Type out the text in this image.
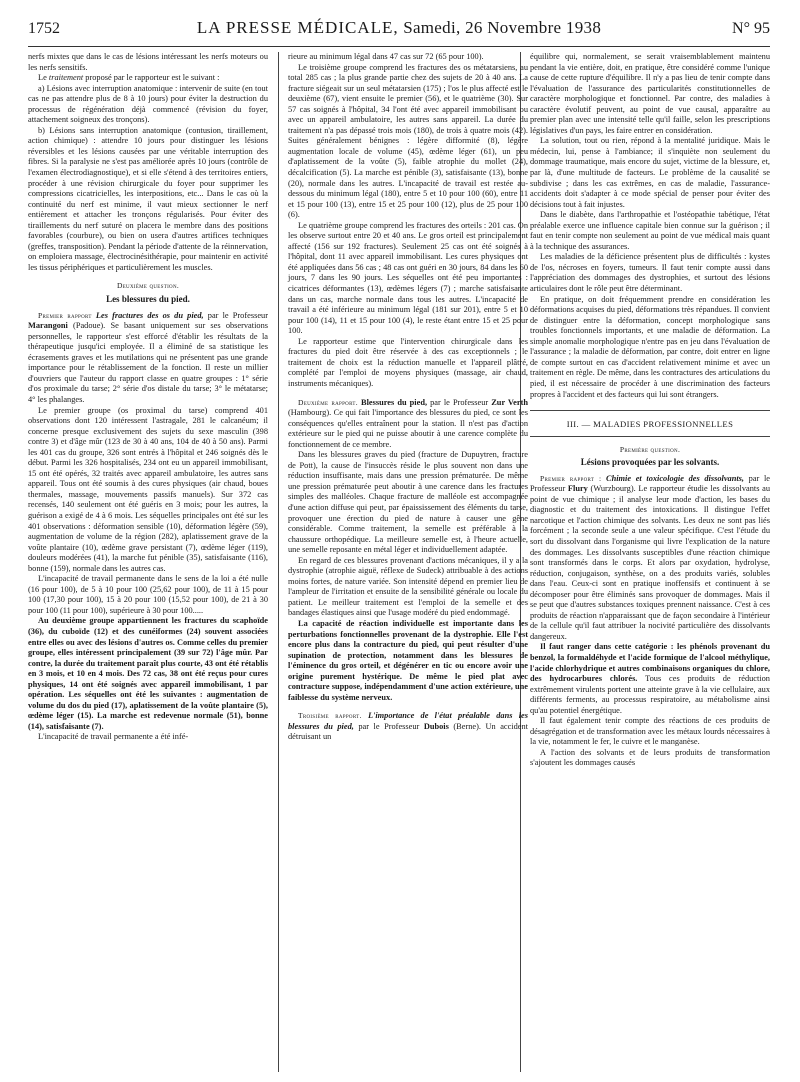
1752	LA PRESSE MÉDICALE, Samedi, 26 Novembre 1938	N° 95

nerfs mixtes que dans le cas de lésions intéressant les nerfs moteurs ou les nerfs sensitifs.

Le traitement proposé par le rapporteur est le suivant :

a) Lésions avec interruption anatomique : intervenir de suite (en tout cas ne pas attendre plus de 8 à 10 jours) pour éviter la destruction du processus de régénération déjà commencé (révision du foyer, attachement soigneux des tronçons).

b) Lésions sans interruption anatomique (contusion, tiraillement, action chimique) : attendre 10 jours pour distinguer les lésions réversibles et les lésions causées par une véritable interruption des fibres. Si la paralysie ne s'est pas améliorée après 10 jours (contrôle de l'examen électrodiagnostique), et si elle s'étend à des territoires entiers, procéder à une révision chirurgicale du foyer pour supprimer les compressions cicatricielles, les interpositions, etc... Dans le cas où la continuité du nerf est minime, il vaut mieux sectionner le nerf entièrement et attacher les tronçons régularisés. Pour éviter des tiraillements du nerf suturé on placera le membre dans des positions favorables (courbure), ou bien on usera d'autres artifices techniques (greffes, transposition). Pendant la période d'attente de la réinnervation, on emploiera massage, électrocinésithérapie, pour maintenir en activité les tissus périphériques et particulièrement les muscles.

Deuxième question.

Les blessures du pied.

Premier rapport Les fractures des os du pied, par le Professeur Marangoni (Padoue). Se basant uniquement sur ses observations personnelles, le rapporteur s'est efforcé d'établir les résultats de la thérapeutique jusqu'ici employée. Il a éliminé de sa statistique les écrasements graves et les mutilations qui ne présentent pas une grande importance pour le rétablissement de la fonction. Il reste un millier d'ouvriers que l'auteur du rapport classe en quatre groupes : 1° série d'os proximale du tarse; 2° série d'os distale du tarse; 3° le métatarse; 4° les phalanges.

Le premier groupe (os proximal du tarse) comprend 401 observations dont 120 intéressent l'astragale, 281 le calcanéum; il concerne presque exclusivement des sujets du sexe masculin (398 contre 3) et d'âge mûr (123 de 30 à 40 ans, 104 de 40 à 50 ans). Parmi les 401 cas du groupe, 326 sont entrés à l'hôpital et 246 soignés dès le début. Parmi les 326 hospitalisés, 234 ont eu un appareil immobilisant, 15 ont été opérés, 32 traités avec appareil ambulatoire, les autres sans appareil. Tous ont été soumis à des cures physiques (air chaud, boues thermales, massage, mouvements passifs manuels). Sur 372 cas recensés, 140 seulement ont été guéris en 3 mois; pour les autres, la guérison a exigé de 4 à 6 mois. Les séquelles principales ont été sur les 401 observations : déformation sensible (10), déformation légère (59), augmentation de volume de la région (282), aplatissement grave de la voûte plantaire (10), œdème grave persistant (7), œdème léger (119), douleurs modérées (41), la marche fut pénible (35), satisfaisante (116), bonne (159), normale dans les autres cas.

L'incapacité de travail permanente dans le sens de la loi a été nulle (16 pour 100), de 5 à 10 pour 100 (25,62 pour 100), de 11 à 15 pour 100 (17,30 pour 100), 15 à 20 pour 100 (15,52 pour 100), de 21 à 30 pour 100 (11 pour 100), supérieure à 30 pour 100.....

Au deuxième groupe appartiennent les fractures du scaphoïde (36), du cuboïde (12) et des cunéiformes (24) souvent associées entre elles ou avec des lésions d'autres os. Comme celles du premier groupe, elles intéressent principalement (39 sur 72) l'âge mûr. Par contre, la durée du traitement paraît plus courte, 43 ont été rétablis en 3 mois, et 10 en 4 mois. Des 72 cas, 38 ont été reçus pour cures physiques, 14 ont été soignés avec appareil immobilisant, 1 par opération. Les séquelles ont été les suivantes : augmentation de volume du dos du pied (17), aplatissement de la voûte plantaire (5), œdème léger (15). La marche est redevenue normale (51), bonne (14), satisfaisante (7).

L'incapacité de travail permanente a été infé-

rieure au minimum légal dans 47 cas sur 72 (65 pour 100).

Le troisième groupe comprend les fractures des os métatarsiens, au total 285 cas ; la plus grande partie chez des sujets de 20 à 40 ans. La fracture siégeait sur un seul métatarsien (175) ; l'os le plus affecté est le deuxième (67), vient ensuite le premier (56), et le quatrième (30). Sur 57 cas soignés à l'hôpital, 34 l'ont été avec appareil immobilisant ou avec un appareil ambulatoire, les autres sans appareil. La durée du traitement n'a pas dépassé trois mois (180), de trois à quatre mois (42). Suites généralement bénignes : légère difformité (8), légère augmentation locale de volume (45), œdème léger (61), un peu d'aplatissement de la voûte (5), faible atrophie du mollet (24), décalcification (5). La marche est pénible (3), satisfaisante (13), bonne (20), normale dans les autres. L'incapacité de travail est restée au-dessous du minimum légal (180), entre 5 et 10 pour 100 (60), entre 11 et 15 pour 100 (13), entre 15 et 25 pour 100 (12), plus de 25 pour 100 (6).

Le quatrième groupe comprend les fractures des orteils : 201 cas. On les observe surtout entre 20 et 40 ans. Le gros orteil est principalement affecté (156 sur 192 fractures). Seulement 25 cas ont été soignés à l'hôpital, dont 11 avec appareil immobilisant. Les cures physiques ont été appliquées dans 56 cas ; 48 cas ont guéri en 30 jours, 84 dans les 60 jours, 7 dans les 90 jours. Les séquelles ont été peu importantes : cicatrices déformantes (13), œdèmes légers (7) ; marche satisfaisante dans un cas, marche normale dans tous les autres. L'incapacité de travail a été inférieure au minimum légal (181 sur 201), entre 5 et 10 pour 100 (14), 11 et 15 pour 100 (4), le reste étant entre 15 et 25 pour 100.

Le rapporteur estime que l'intervention chirurgicale dans les fractures du pied doit être réservée à des cas exceptionnels ; le traitement de choix est la réduction manuelle et l'appareil plâtré, complété par l'emploi de moyens physiques (massage, air chaud, instruments mécaniques).

Deuxième rapport. Blessures du pied, par le Professeur Zur Verth (Hambourg). Ce qui fait l'importance des blessures du pied, ce sont les conséquences qu'elles entraînent pour la station. Il n'est pas d'action extérieure sur le pied qui ne puisse aboutir à une carence complète du fonctionnement de ce membre.

Dans les blessures graves du pied (fracture de Dupuytren, fracture de Pott), la cause de l'insuccès réside le plus souvent non dans une réduction insuffisante, mais dans une pression prématurée. De même une pression prématurée peut aboutir à une carence dans les fractures simples des malléoles. Chaque fracture de malléole est accompagnée d'une action diffuse qui peut, par épaississement des éléments du tarse, provoquer une érection du pied de nature à causer une gêne considérable. Comme traitement, la semelle est préférable à la chaussure orthopédique. La meilleure semelle est, à l'heure actuelle, une semelle reposante en métal léger et individuellement adaptée.

En regard de ces blessures provenant d'actions mécaniques, il y a la dystrophie (atrophie aiguë, réflexe de Sudeck) attribuable à des actions moins fortes, de nature variée. Son intensité dépend en premier lieu de l'ampleur de l'irritation et ensuite de la sensibilité générale ou locale du patient. Le meilleur traitement est l'emploi de la semelle et des bandages élastiques ainsi que l'usage modéré du pied endommagé.

La capacité de réaction individuelle est importante dans les perturbations fonctionnelles provenant de la dystrophie. Elle l'est encore plus dans la contracture du pied, qui peut résulter d'une supination de protection, notamment dans les blessures de l'éminence du gros orteil, et dégénérer en tic ou encore avoir une origine purement hystérique. De même le pied plat avec contracture suppose, indépendamment d'une action extérieure, une faiblesse du système nerveux.

Troisième rapport. L'importance de l'état préalable dans les blessures du pied, par le Professeur Dubois (Berne). Un accident détruisant un

équilibre qui, normalement, se serait vraisemblablement maintenu pendant la vie entière, doit, en pratique, être considéré comme l'unique cause de cette rupture d'équilibre. Il n'y a pas lieu de tenir compte dans l'évaluation de l'assurance des particularités constitutionnelles de caractère morphologique et fonctionnel. Par contre, des maladies à caractère évolutif peuvent, au point de vue causal, apparaître au premier plan avec une intensité telle qu'il faille, selon les prescriptions législatives d'un pays, les faire entrer en considération.

La solution, tout ou rien, répond à la mentalité juridique. Mais le médecin, lui, pense à l'ambiance; il s'inquiète non seulement du dommage traumatique, mais encore du sujet, victime de la blessure, et, par là, d'une multitude de facteurs. Le problème de la causalité se subdivise ; dans les cas extrêmes, en cas de maladie, l'assurance-accidents doit s'adapter à ce mode spécial de penser pour éviter des décisions tout à fait injustes.

Dans le diabète, dans l'arthropathie et l'ostéopathie tabétique, l'état préalable exerce une influence capitale bien connue sur la guérison ; il faut en tenir compte non seulement au point de vue médical mais quant à la technique des assurances.

Les maladies de la déficience présentent plus de difficultés : kystes de l'os, nécroses en foyers, tumeurs. Il faut tenir compte aussi dans l'appréciation des dommages des dystrophies, et surtout des lésions articulaires dont le rôle peut être déterminant.

En pratique, on doit fréquemment prendre en considération les déformations acquises du pied, déformations très répandues. Il convient de distinguer entre la déformation, concept morphologique sans troubles fonctionnels importants, et une maladie de déformation. La simple anomalie morphologique n'entre pas en jeu dans l'évaluation de l'assurance ; la maladie de déformation, par contre, doit entrer en ligne de compte surtout en cas d'accident relativement minime et avec un traitement en règle. De même, dans les contractures des articulations du pied, il est nécessaire de procéder à une discrimination des facteurs propres à l'accident et des facteurs qui lui sont étrangers.

III. — MALADIES PROFESSIONNELLES

Première question.

Lésions provoquées par les solvants.

Premier rapport : Chimie et toxicologie des dissolvants, par le Professeur Flury (Wurzbourg). Le rapporteur étudie les dissolvants au point de vue chimique ; il analyse leur mode d'action, les bases du diagnostic et du traitement des intoxications. Il distingue l'effet narcotique et l'action chimique des solvants. Les deux ne sont pas liés forcément ; la seconde seule a une valeur spécifique. C'est l'étude du sort du dissolvant dans l'organisme qui livre l'explication de la nature des dommages. Les dissolvants susceptibles d'une réaction chimique sont transformés dans le corps. Et alors par oxydation, hydrolyse, réduction, conjugaison, synthèse, on a des produits variés, solubles dans l'eau. Ceux-ci sont en pratique inoffensifs et continuent à se décomposer pour être éliminés sans provoquer de dommages. Mais il se peut que d'autres substances toxiques prennent naissance. C'est à ces produits de réaction n'apparaissant que de façon secondaire à l'intérieur de la cellule qu'il faut attribuer la nocivité particulière des dissolvants dangereux.

Il faut ranger dans cette catégorie : les phénols provenant du benzol, la formaldéhyde et l'acide formique de l'alcool méthylique, l'acide chlorhydrique et autres combinaisons organiques du chlore, des hydrocarbures chlorés. Tous ces produits de réduction extrêmement virulents portent une atteinte grave à la vie cellulaire, aux différents ferments, au processus respiratoire, au métabolisme ainsi qu'au potentiel énergétique.

Il faut également tenir compte des réactions de ces produits de désagrégation et de transformation avec les métaux lourds nécessaires à la vie, notamment le fer, le cuivre et le manganèse.

A l'action des solvants et de leurs produits de transformation s'ajoutent les dommages causés
